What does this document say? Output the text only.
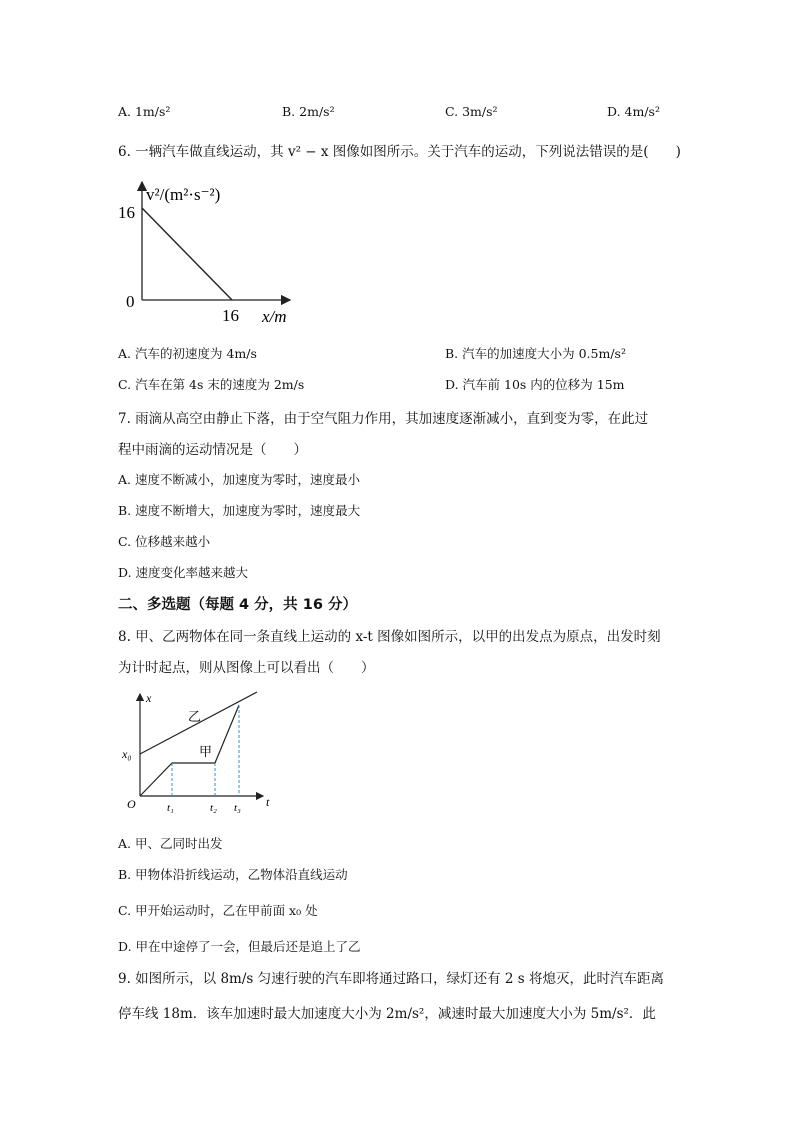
A. 1m/s²	B. 2m/s²	C. 3m/s²	D. 4m/s²
6. 一辆汽车做直线运动，其 v² − x 图像如图所示。关于汽车的运动，下列说法错误的是(　　)
v²/(m²·s⁻²)
16
0
16 x/m
A. 汽车的初速度为 4m/s	B. 汽车的加速度大小为 0.5m/s²
C. 汽车在第 4s 末的速度为 2m/s	D. 汽车前 10s 内的位移为 15m
7. 雨滴从高空由静止下落，由于空气阻力作用，其加速度逐渐减小，直到变为零，在此过
程中雨滴的运动情况是（　　）
A. 速度不断减小，加速度为零时，速度最小
B. 速度不断增大，加速度为零时，速度最大
C. 位移越来越小
D. 速度变化率越来越大
二、多选题（每题 4 分，共 16 分）
8. 甲、乙两物体在同一条直线上运动的 x-t 图像如图所示，以甲的出发点为原点，出发时刻
为计时起点，则从图像上可以看出（　　）
x
t
O
x₀
t₁	t₂ t₃
甲
乙
A. 甲、乙同时出发
B. 甲物体沿折线运动，乙物体沿直线运动
C. 甲开始运动时，乙在甲前面 x₀ 处
D. 甲在中途停了一会，但最后还是追上了乙
9. 如图所示，以 8m/s 匀速行驶的汽车即将通过路口，绿灯还有 2 s 将熄灭，此时汽车距离
停车线 18m．该车加速时最大加速度大小为 2m/s²，减速时最大加速度大小为 5m/s²．此
